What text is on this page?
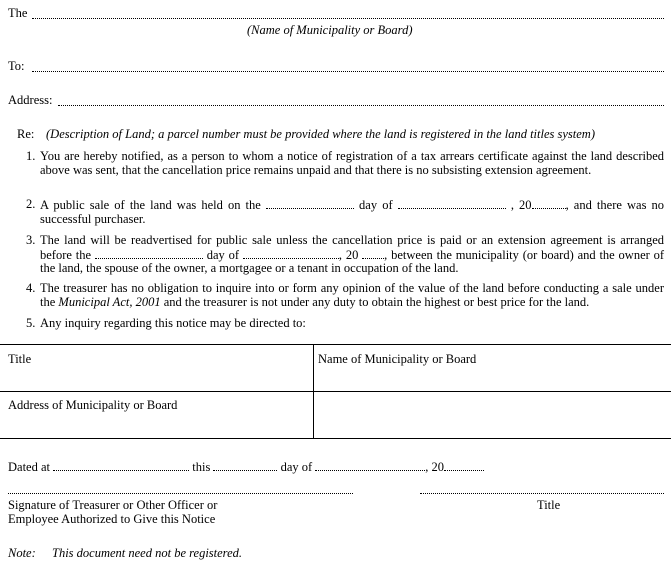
The
(Name of Municipality or Board)
To:
Address:
Re: (Description of Land; a parcel number must be provided where the land is registered in the land titles system)
1. You are hereby notified, as a person to whom a notice of registration of a tax arrears certificate against the land described above was sent, that the cancellation price remains unpaid and that there is no subsisting extension agreement.
2. A public sale of the land was held on the	day of	, 20	, and there was no successful purchaser.
3. The land will be readvertised for public sale unless the cancellation price is paid or an extension agreement is arranged before the	day of	, 20 , between the municipality (or board) and the owner of the land, the spouse of the owner, a mortgagee or a tenant in occupation of the land.
4. The treasurer has no obligation to inquire into or form any opinion of the value of the land before conducting a sale under the Municipal Act, 2001 and the treasurer is not under any duty to obtain the highest or best price for the land.
5. Any inquiry regarding this notice may be directed to:
Title	Name of Municipality or Board
Address of Municipality or Board
Dated at	this	day of	, 20
Signature of Treasurer or Other Officer or
Employee Authorized to Give this Notice
Title
Note: This document need not be registered.
